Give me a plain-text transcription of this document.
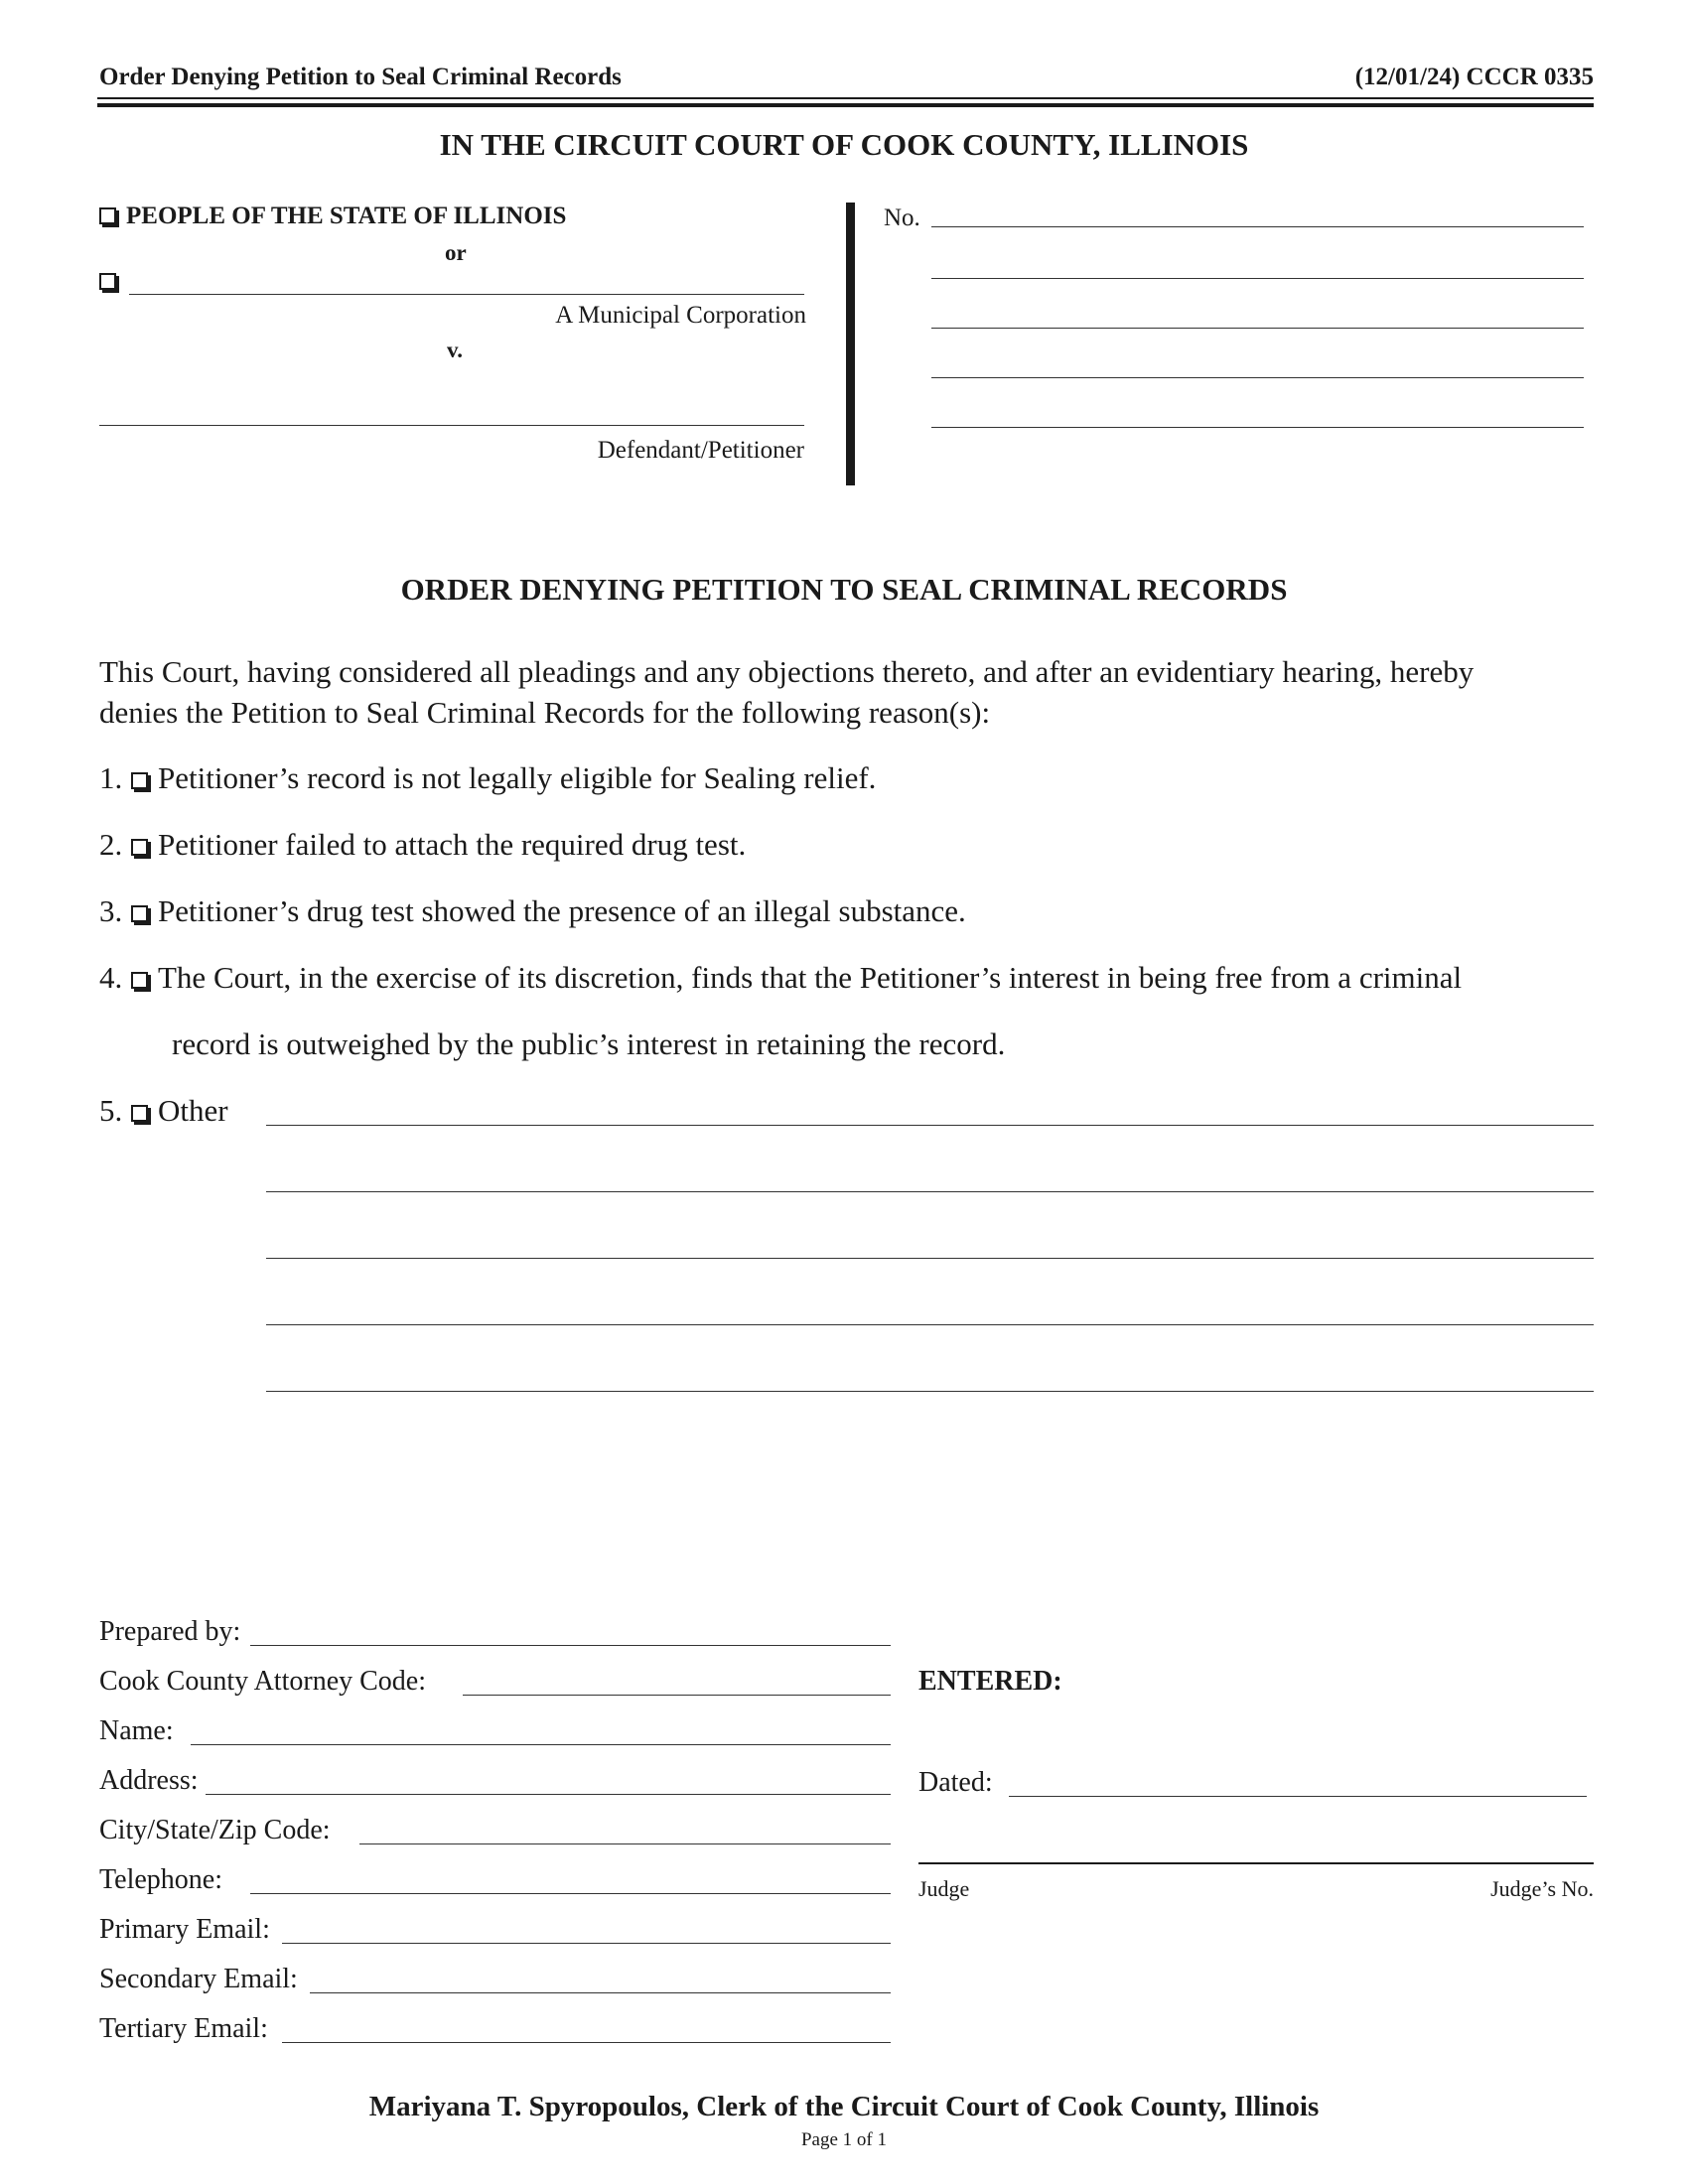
Order Denying Petition to Seal Criminal Records	(12/01/24) CCCR 0335
IN THE CIRCUIT COURT OF COOK COUNTY, ILLINOIS
PEOPLE OF THE STATE OF ILLINOIS
or
A Municipal Corporation
v.
Defendant/Petitioner
No.
ORDER DENYING PETITION TO SEAL CRIMINAL RECORDS
This Court, having considered all pleadings and any objections thereto, and after an evidentiary hearing, hereby
denies the Petition to Seal Criminal Records for the following reason(s):
1. Petitioner’s record is not legally eligible for Sealing relief.
2. Petitioner failed to attach the required drug test.
3. Petitioner’s drug test showed the presence of an illegal substance.
4. The Court, in the exercise of its discretion, finds that the Petitioner’s interest in being free from a criminal
record is outweighed by the public’s interest in retaining the record.
5. Other
Prepared by:
Cook County Attorney Code:
Name:
Address:
City/State/Zip Code:
Telephone:
Primary Email:
Secondary Email:
Tertiary Email:
ENTERED:
Dated:
Judge	Judge’s No.
Mariyana T. Spyropoulos, Clerk of the Circuit Court of Cook County, Illinois
Page 1 of 1
